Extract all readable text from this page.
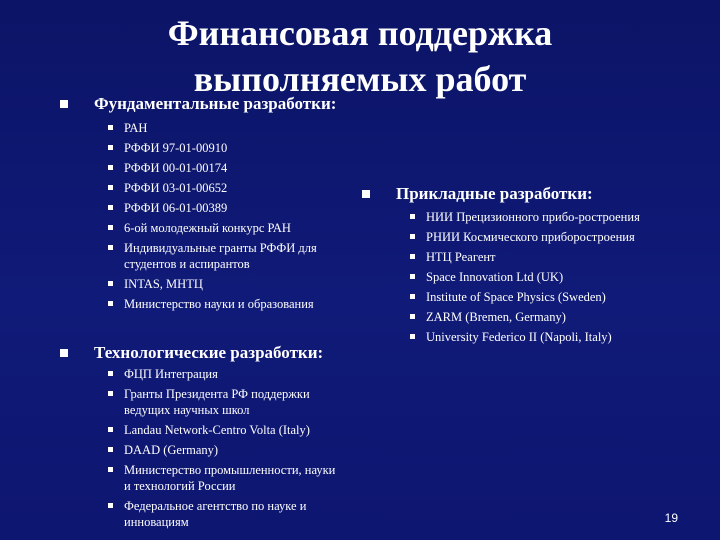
Финансовая поддержка
выполняемых работ
Фундаментальные разработки:
РАН
РФФИ 97-01-00910
РФФИ 00-01-00174
РФФИ 03-01-00652
РФФИ 06-01-00389
6-ой молодежный конкурс РАН
Индивидуальные гранты РФФИ для студентов и аспирантов
INTAS, МНТЦ
Министерство науки и образования
Технологические разработки:
ФЦП Интеграция
Гранты Президента РФ поддержки ведущих научных школ
Landau Network-Centro Volta (Italy)
DAAD (Germany)
Министерство промышленности, науки и технологий России
Федеральное агентство по науке и инновациям
Прикладные разработки:
НИИ Прецизионного прибо-ростроения
РНИИ Космического приборостроения
НТЦ Реагент
Space Innovation Ltd (UK)
Institute of Space Physics (Sweden)
ZARM (Bremen, Germany)
University Federico II (Napoli, Italy)
19
